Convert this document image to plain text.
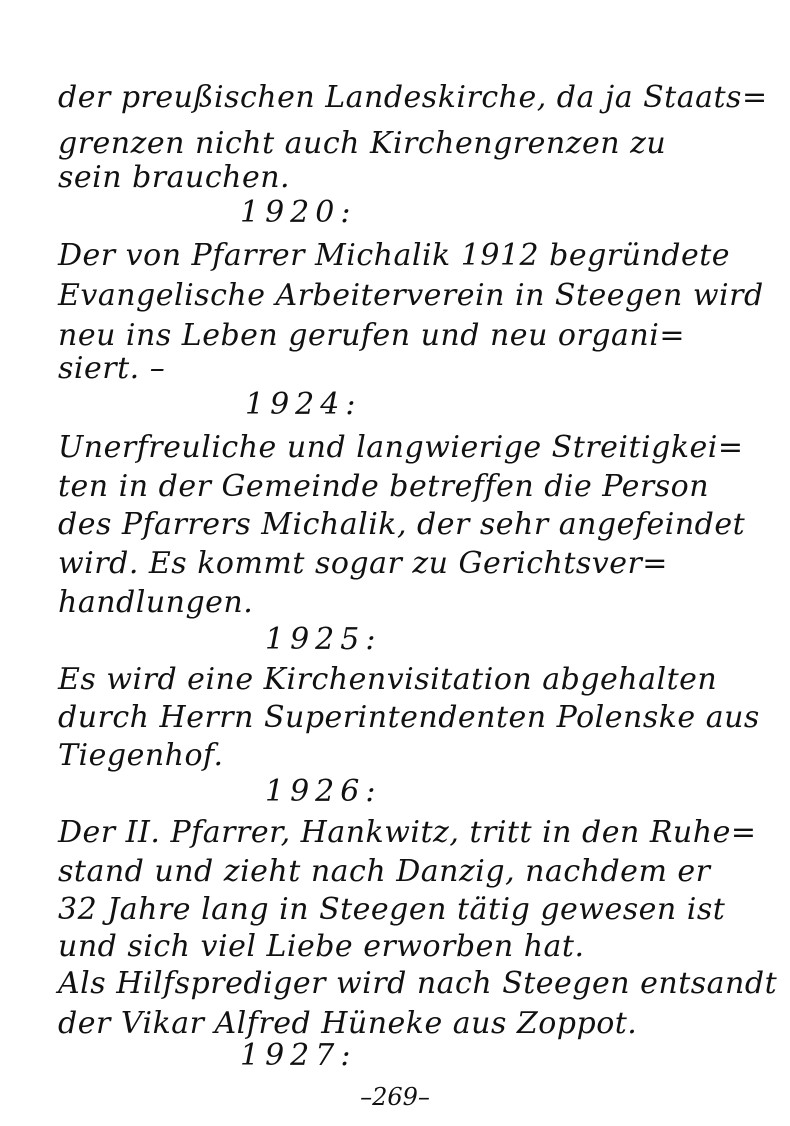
der preußischen Landeskirche, da ja Staats=
grenzen nicht auch Kirchengrenzen zu
sein brauchen.
1920:
Der von Pfarrer Michalik 1912 begründete
Evangelische Arbeiterverein in Steegen wird
neu ins Leben gerufen und neu organi=
siert. –
1924:
Unerfreuliche und langwierige Streitigkei=
ten in der Gemeinde betreffen die Person
des Pfarrers Michalik, der sehr angefeindet
wird. Es kommt sogar zu Gerichtsver=
handlungen.
1925:
Es wird eine Kirchenvisitation abgehalten
durch Herrn Superintendenten Polenske aus
Tiegenhof.
1926:
Der II. Pfarrer, Hankwitz, tritt in den Ruhe=
stand und zieht nach Danzig, nachdem er
32 Jahre lang in Steegen tätig gewesen ist
und sich viel Liebe erworben hat.
Als Hilfsprediger wird nach Steegen entsandt
der Vikar Alfred Hüneke aus Zoppot.
1927:
–269–
